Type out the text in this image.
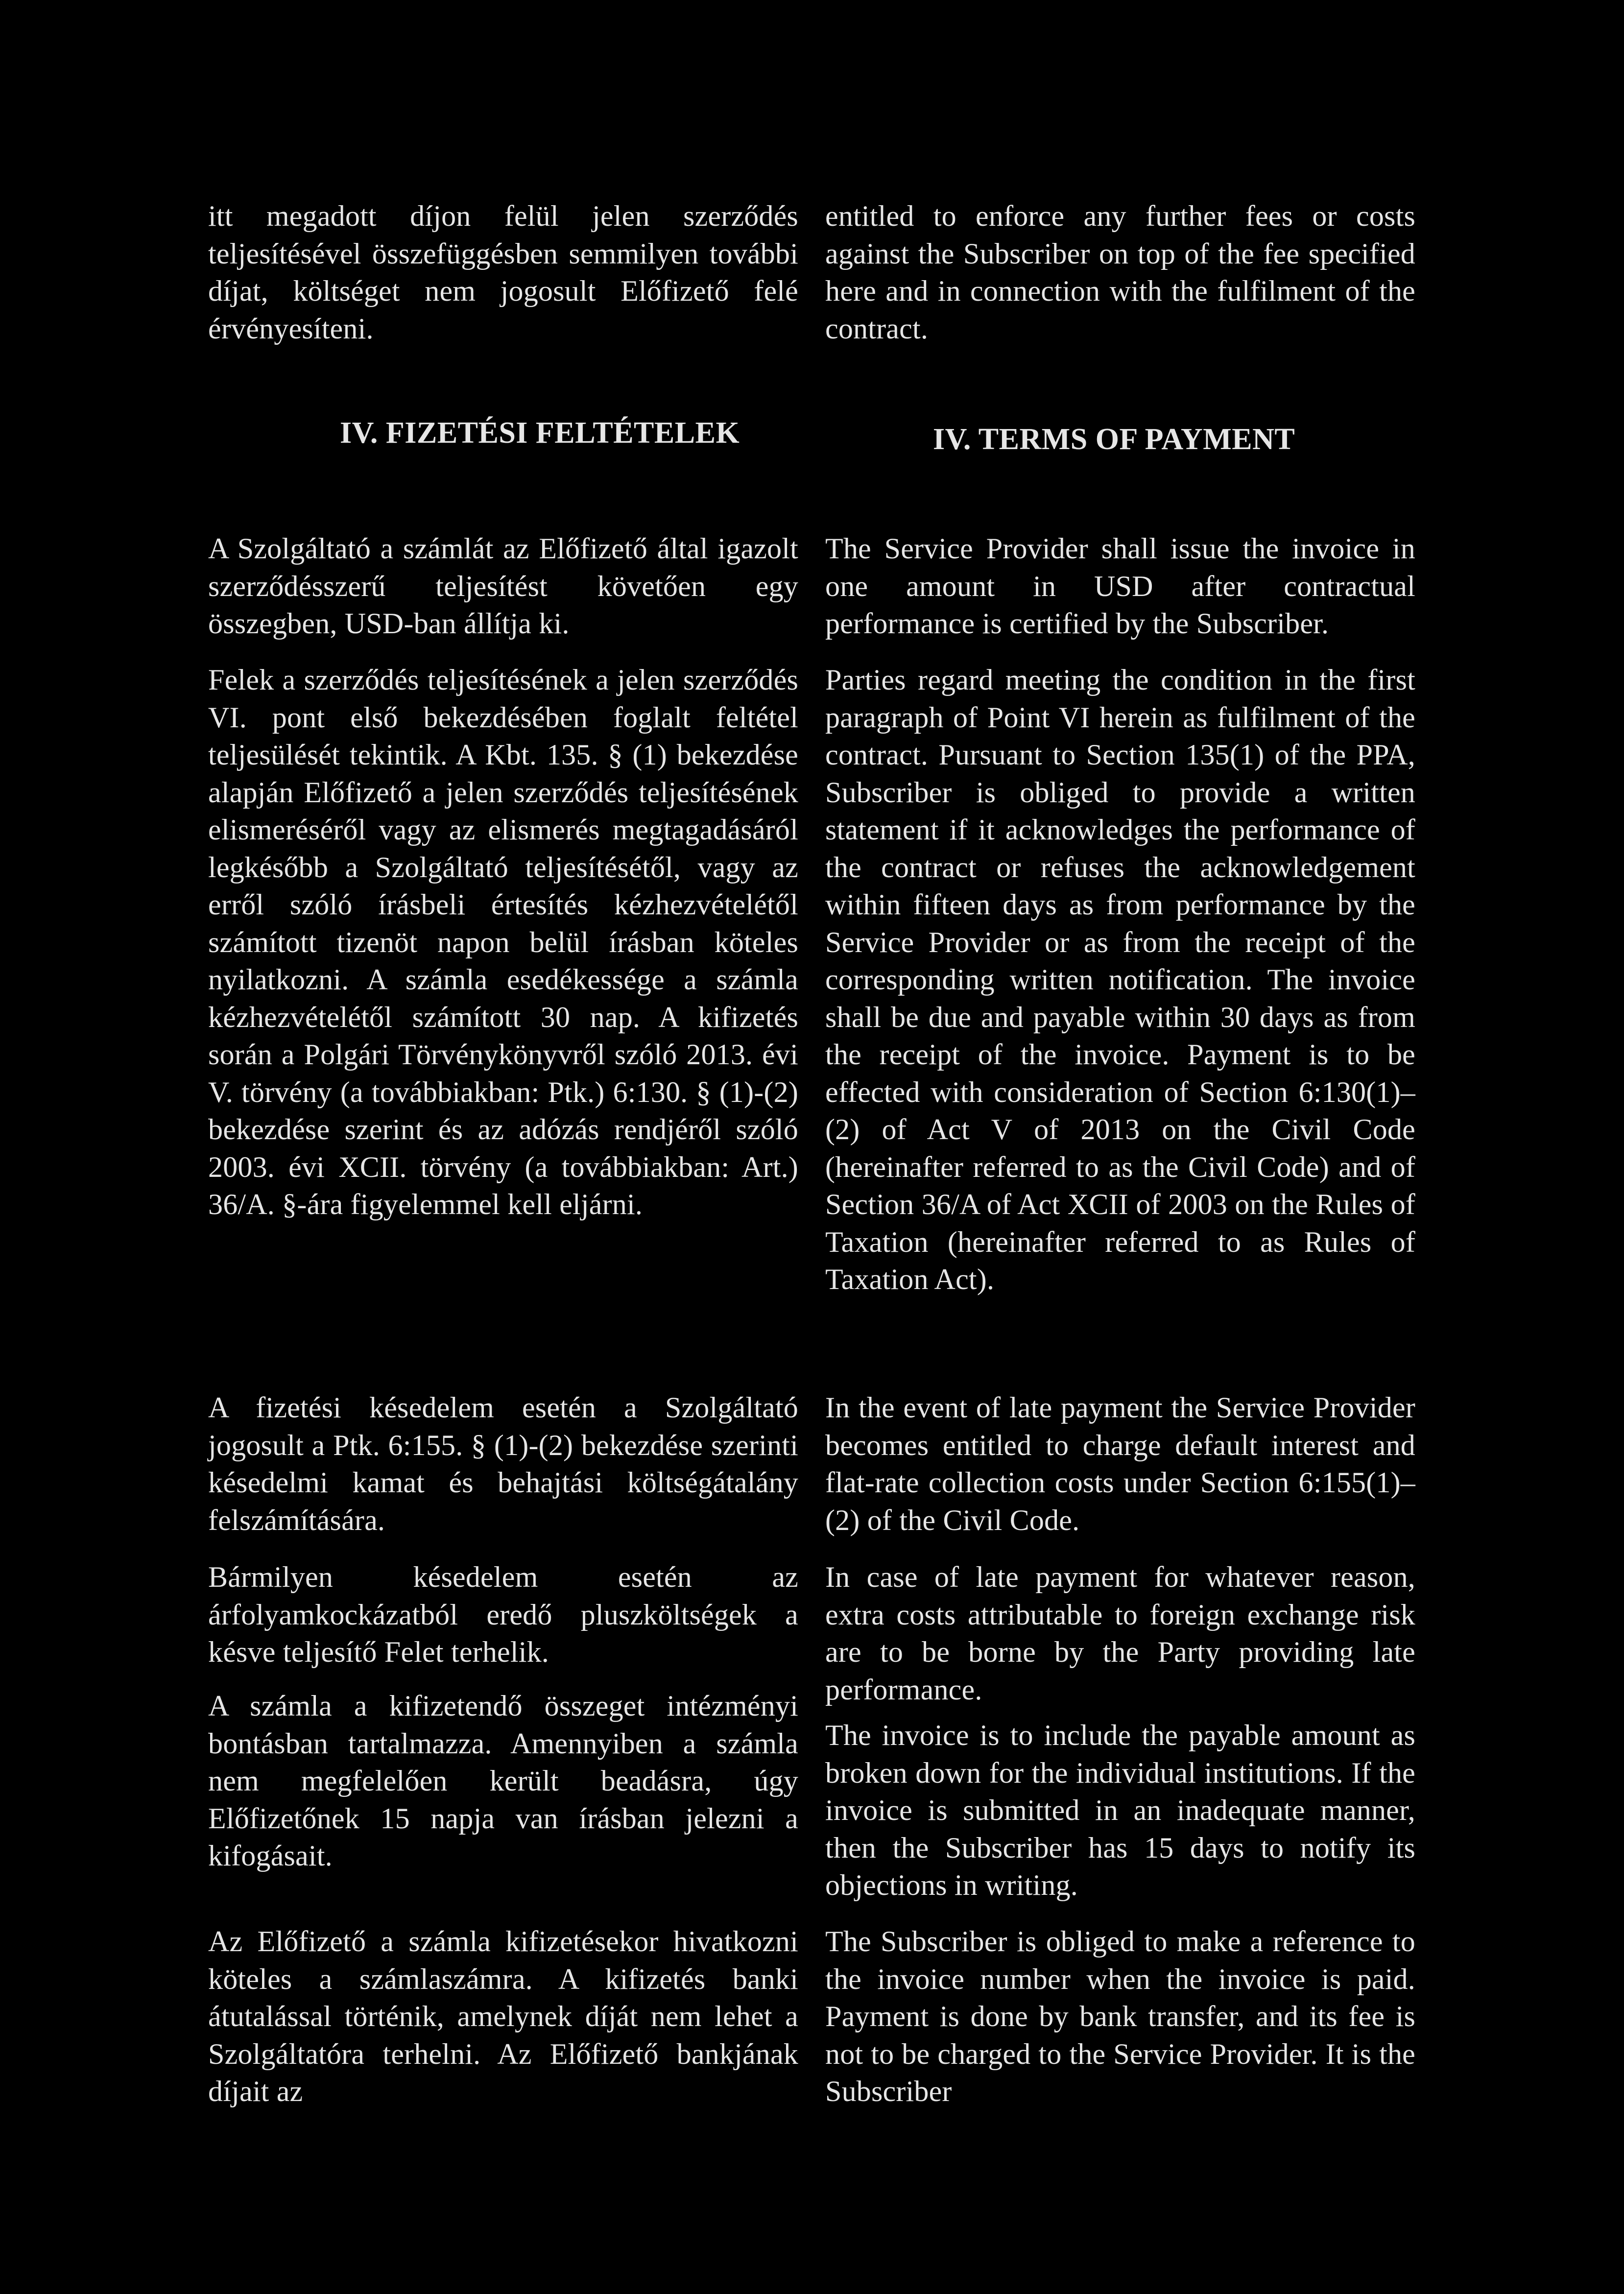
itt megadott díjon felül jelen szerződés teljesítésével összefüggésben semmilyen további díjat, költséget nem jogosult Előfizető felé érvényesíteni.

IV. FIZETÉSI FELTÉTELEK

A Szolgáltató a számlát az Előfizető által igazolt szerződésszerű teljesítést követően egy összegben, USD-ban állítja ki.

Felek a szerződés teljesítésének a jelen szerződés VI. pont első bekezdésében foglalt feltétel teljesülését tekintik. A Kbt. 135. § (1) bekezdése alapján Előfizető a jelen szerződés teljesítésének elismeréséről vagy az elismerés megtagadásáról legkésőbb a Szolgáltató teljesítésétől, vagy az erről szóló írásbeli értesítés kézhezvételétől számított tizenöt napon belül írásban köteles nyilatkozni. A számla esedékessége a számla kézhezvételétől számított 30 nap. A kifizetés során a Polgári Törvénykönyvről szóló 2013. évi V. törvény (a továbbiakban: Ptk.) 6:130. § (1)-(2) bekezdése szerint és az adózás rendjéről szóló 2003. évi XCII. törvény (a továbbiakban: Art.) 36/A. §-ára figyelemmel kell eljárni.

A fizetési késedelem esetén a Szolgáltató jogosult a Ptk. 6:155. § (1)-(2) bekezdése szerinti késedelmi kamat és behajtási költségátalány felszámítására.

Bármilyen késedelem esetén az árfolyamkockázatból eredő pluszköltségek a késve teljesítő Felet terhelik.

A számla a kifizetendő összeget intézményi bontásban tartalmazza. Amennyiben a számla nem megfelelően került beadásra, úgy Előfizetőnek 15 napja van írásban jelezni a kifogásait.

Az Előfizető a számla kifizetésekor hivatkozni köteles a számlaszámra. A kifizetés banki átutalással történik, amelynek díját nem lehet a Szolgáltatóra terhelni. Az Előfizető bankjának díjait az

entitled to enforce any further fees or costs against the Subscriber on top of the fee specified here and in connection with the fulfilment of the contract.

IV. TERMS OF PAYMENT

The Service Provider shall issue the invoice in one amount in USD after contractual performance is certified by the Subscriber.

Parties regard meeting the condition in the first paragraph of Point VI herein as fulfilment of the contract. Pursuant to Section 135(1) of the PPA, Subscriber is obliged to provide a written statement if it acknowledges the performance of the contract or refuses the acknowledgement within fifteen days as from performance by the Service Provider or as from the receipt of the corresponding written notification. The invoice shall be due and payable within 30 days as from the receipt of the invoice. Payment is to be effected with consideration of Section 6:130(1)–(2) of Act V of 2013 on the Civil Code (hereinafter referred to as the Civil Code) and of Section 36/A of Act XCII of 2003 on the Rules of Taxation (hereinafter referred to as Rules of Taxation Act).

In the event of late payment the Service Provider becomes entitled to charge default interest and flat-rate collection costs under Section 6:155(1)–(2) of the Civil Code.

In case of late payment for whatever reason, extra costs attributable to foreign exchange risk are to be borne by the Party providing late performance.

The invoice is to include the payable amount as broken down for the individual institutions. If the invoice is submitted in an inadequate manner, then the Subscriber has 15 days to notify its objections in writing.

The Subscriber is obliged to make a reference to the invoice number when the invoice is paid. Payment is done by bank transfer, and its fee is not to be charged to the Service Provider. It is the Subscriber
